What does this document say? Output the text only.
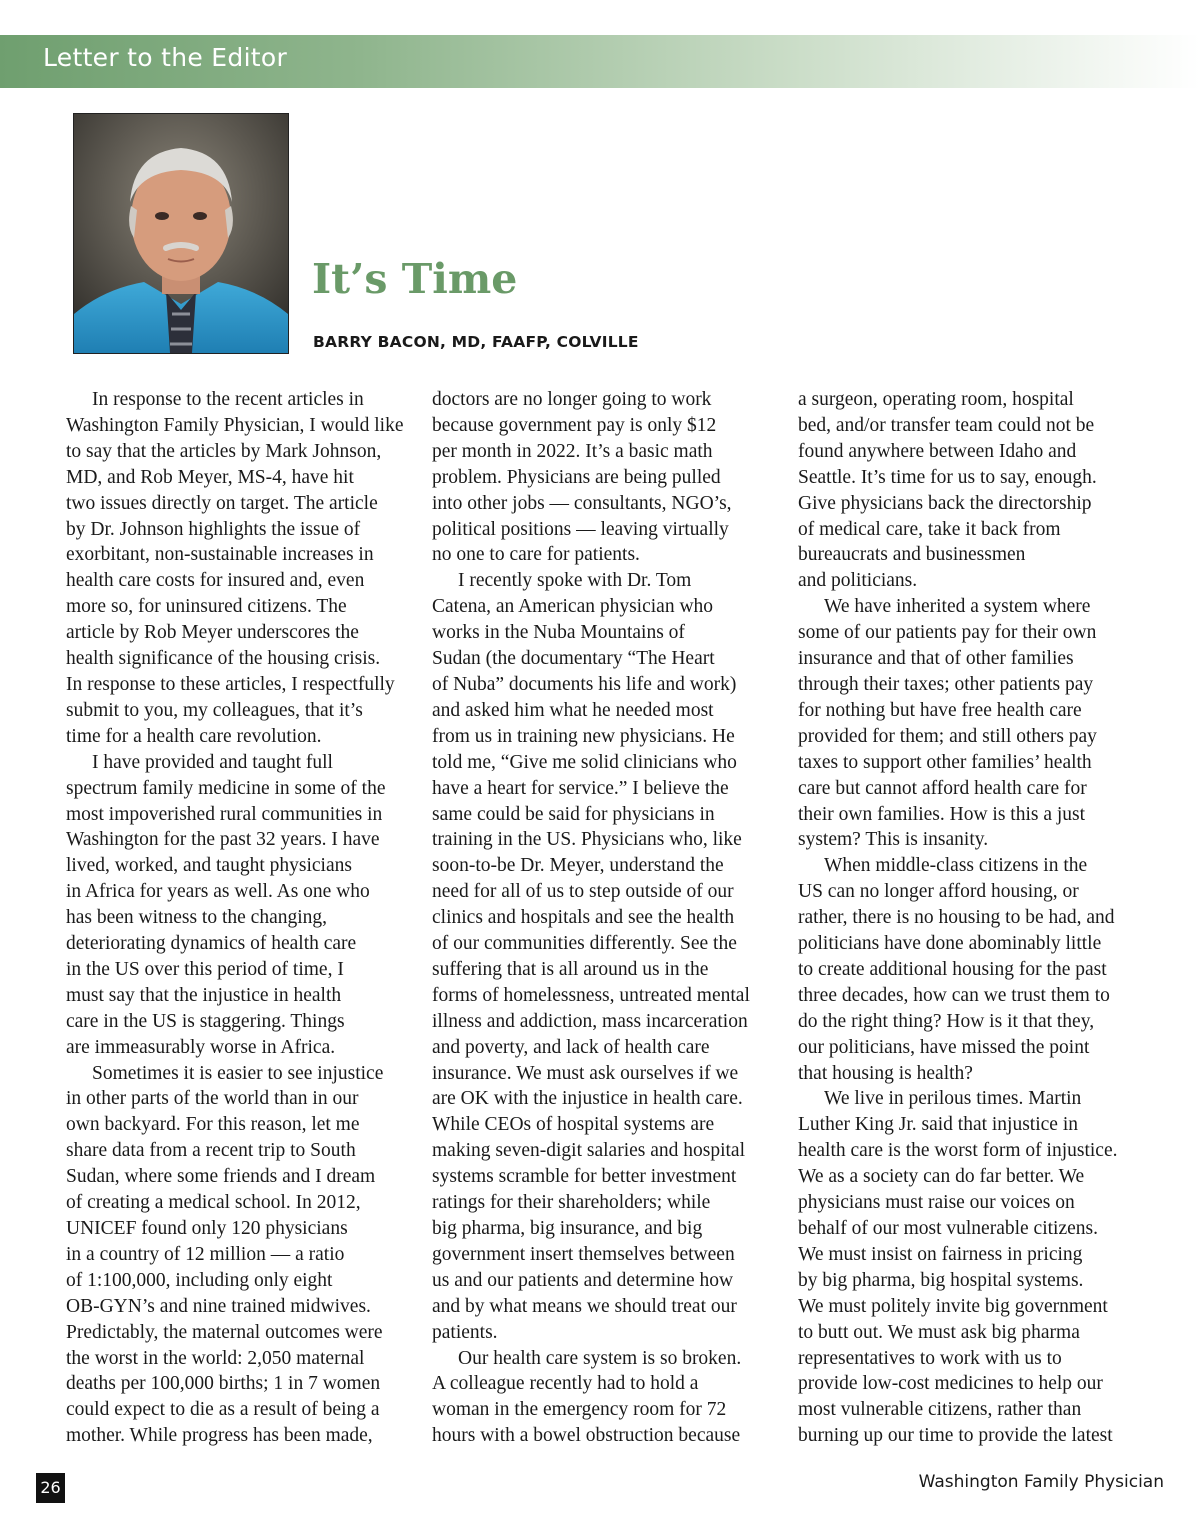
Letter to the Editor
It’s Time
BARRY BACON, MD, FAAFP, COLVILLE
In response to the recent articles in
Washington Family Physician, I would like
to say that the articles by Mark Johnson,
MD, and Rob Meyer, MS-4, have hit
two issues directly on target. The article
by Dr. Johnson highlights the issue of
exorbitant, non-sustainable increases in
health care costs for insured and, even
more so, for uninsured citizens. The
article by Rob Meyer underscores the
health significance of the housing crisis.
In response to these articles, I respectfully
submit to you, my colleagues, that it’s
time for a health care revolution.
I have provided and taught full
spectrum family medicine in some of the
most impoverished rural communities in
Washington for the past 32 years. I have
lived, worked, and taught physicians
in Africa for years as well. As one who
has been witness to the changing,
deteriorating dynamics of health care
in the US over this period of time, I
must say that the injustice in health
care in the US is staggering. Things
are immeasurably worse in Africa.
Sometimes it is easier to see injustice
in other parts of the world than in our
own backyard. For this reason, let me
share data from a recent trip to South
Sudan, where some friends and I dream
of creating a medical school. In 2012,
UNICEF found only 120 physicians
in a country of 12 million — a ratio
of 1:100,000, including only eight
OB-GYN’s and nine trained midwives.
Predictably, the maternal outcomes were
the worst in the world: 2,050 maternal
deaths per 100,000 births; 1 in 7 women
could expect to die as a result of being a
mother. While progress has been made,
doctors are no longer going to work
because government pay is only $12
per month in 2022. It’s a basic math
problem. Physicians are being pulled
into other jobs — consultants, NGO’s,
political positions — leaving virtually
no one to care for patients.
I recently spoke with Dr. Tom
Catena, an American physician who
works in the Nuba Mountains of
Sudan (the documentary “The Heart
of Nuba” documents his life and work)
and asked him what he needed most
from us in training new physicians. He
told me, “Give me solid clinicians who
have a heart for service.” I believe the
same could be said for physicians in
training in the US. Physicians who, like
soon-to-be Dr. Meyer, understand the
need for all of us to step outside of our
clinics and hospitals and see the health
of our communities differently. See the
suffering that is all around us in the
forms of homelessness, untreated mental
illness and addiction, mass incarceration
and poverty, and lack of health care
insurance. We must ask ourselves if we
are OK with the injustice in health care.
While CEOs of hospital systems are
making seven-digit salaries and hospital
systems scramble for better investment
ratings for their shareholders; while
big pharma, big insurance, and big
government insert themselves between
us and our patients and determine how
and by what means we should treat our
patients.
Our health care system is so broken.
A colleague recently had to hold a
woman in the emergency room for 72
hours with a bowel obstruction because
a surgeon, operating room, hospital
bed, and/or transfer team could not be
found anywhere between Idaho and
Seattle. It’s time for us to say, enough.
Give physicians back the directorship
of medical care, take it back from
bureaucrats and businessmen
and politicians.
We have inherited a system where
some of our patients pay for their own
insurance and that of other families
through their taxes; other patients pay
for nothing but have free health care
provided for them; and still others pay
taxes to support other families’ health
care but cannot afford health care for
their own families. How is this a just
system? This is insanity.
When middle-class citizens in the
US can no longer afford housing, or
rather, there is no housing to be had, and
politicians have done abominably little
to create additional housing for the past
three decades, how can we trust them to
do the right thing? How is it that they,
our politicians, have missed the point
that housing is health?
We live in perilous times. Martin
Luther King Jr. said that injustice in
health care is the worst form of injustice.
We as a society can do far better. We
physicians must raise our voices on
behalf of our most vulnerable citizens.
We must insist on fairness in pricing
by big pharma, big hospital systems.
We must politely invite big government
to butt out. We must ask big pharma
representatives to work with us to
provide low-cost medicines to help our
most vulnerable citizens, rather than
burning up our time to provide the latest
26	Washington Family Physician
